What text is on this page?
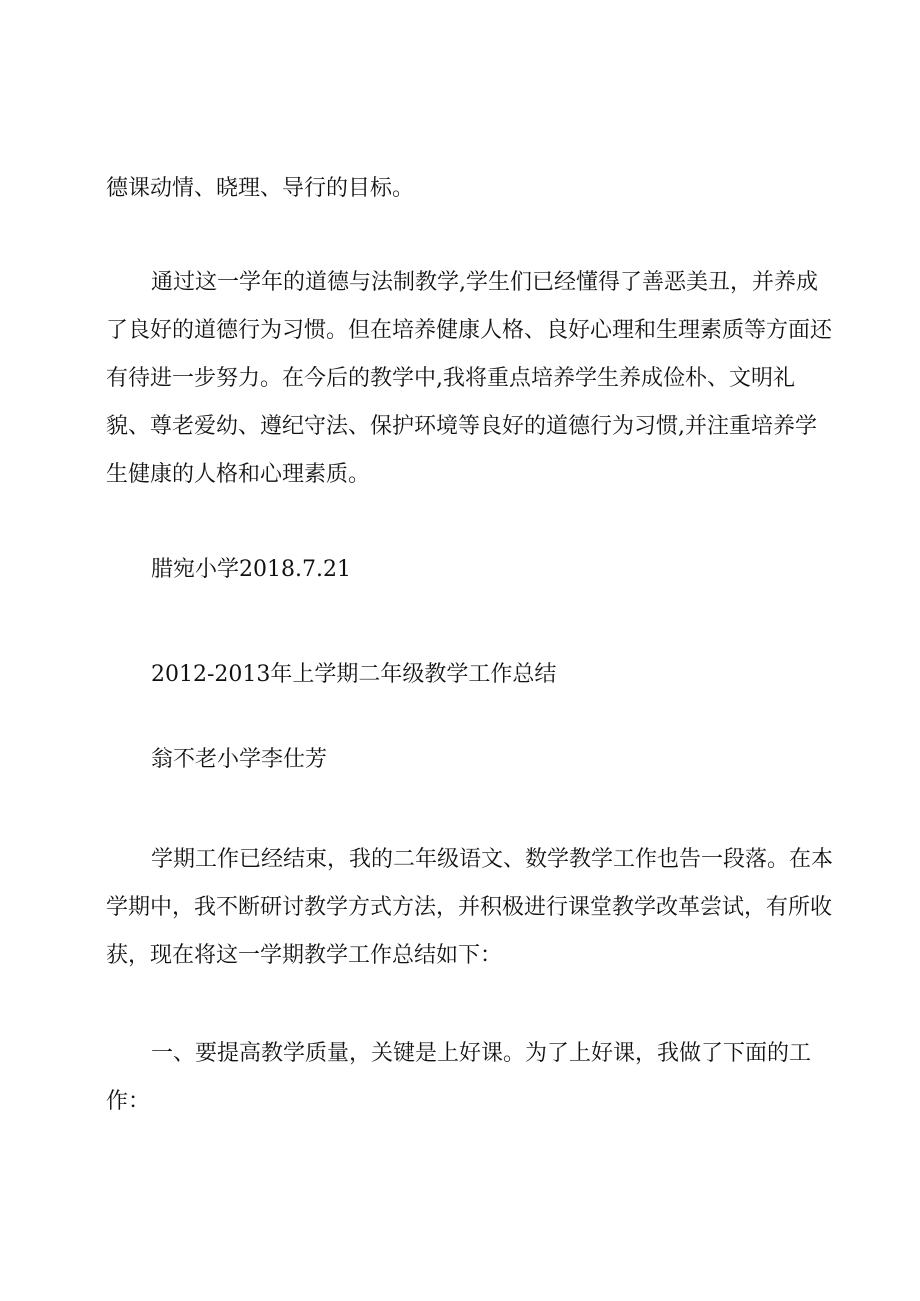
德课动情、晓理、导行的目标。

通过这一学年的道德与法制教学,学生们已经懂得了善恶美丑，并养成
了良好的道德行为习惯。但在培养健康人格、良好心理和生理素质等方面还
有待进一步努力。在今后的教学中,我将重点培养学生养成俭朴、文明礼
貌、尊老爱幼、遵纪守法、保护环境等良好的道德行为习惯,并注重培养学
生健康的人格和心理素质。

腊宛小学2018.7.21

2012-2013年上学期二年级教学工作总结

翁不老小学李仕芳

学期工作已经结束，我的二年级语文、数学教学工作也告一段落。在本
学期中，我不断研讨教学方式方法，并积极进行课堂教学改革尝试，有所收
获，现在将这一学期教学工作总结如下：

一、要提高教学质量，关键是上好课。为了上好课，我做了下面的工
作：
